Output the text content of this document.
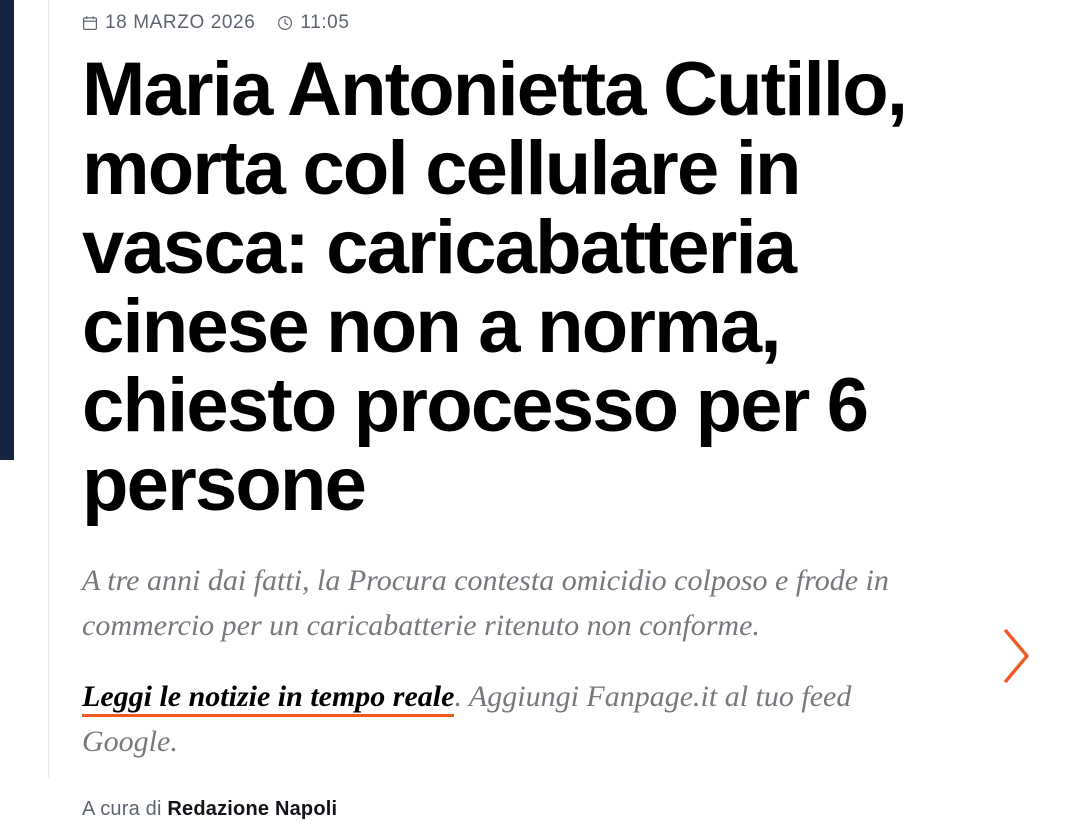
18 MARZO 2026 11:05
Maria Antonietta Cutillo, morta col cellulare in vasca: caricabatteria cinese non a norma, chiesto processo per 6 persone

A tre anni dai fatti, la Procura contesta omicidio colposo e frode in commercio per un caricabatterie ritenuto non conforme.

Leggi le notizie in tempo reale. Aggiungi Fanpage.it al tuo feed Google.

A cura di Redazione Napoli
